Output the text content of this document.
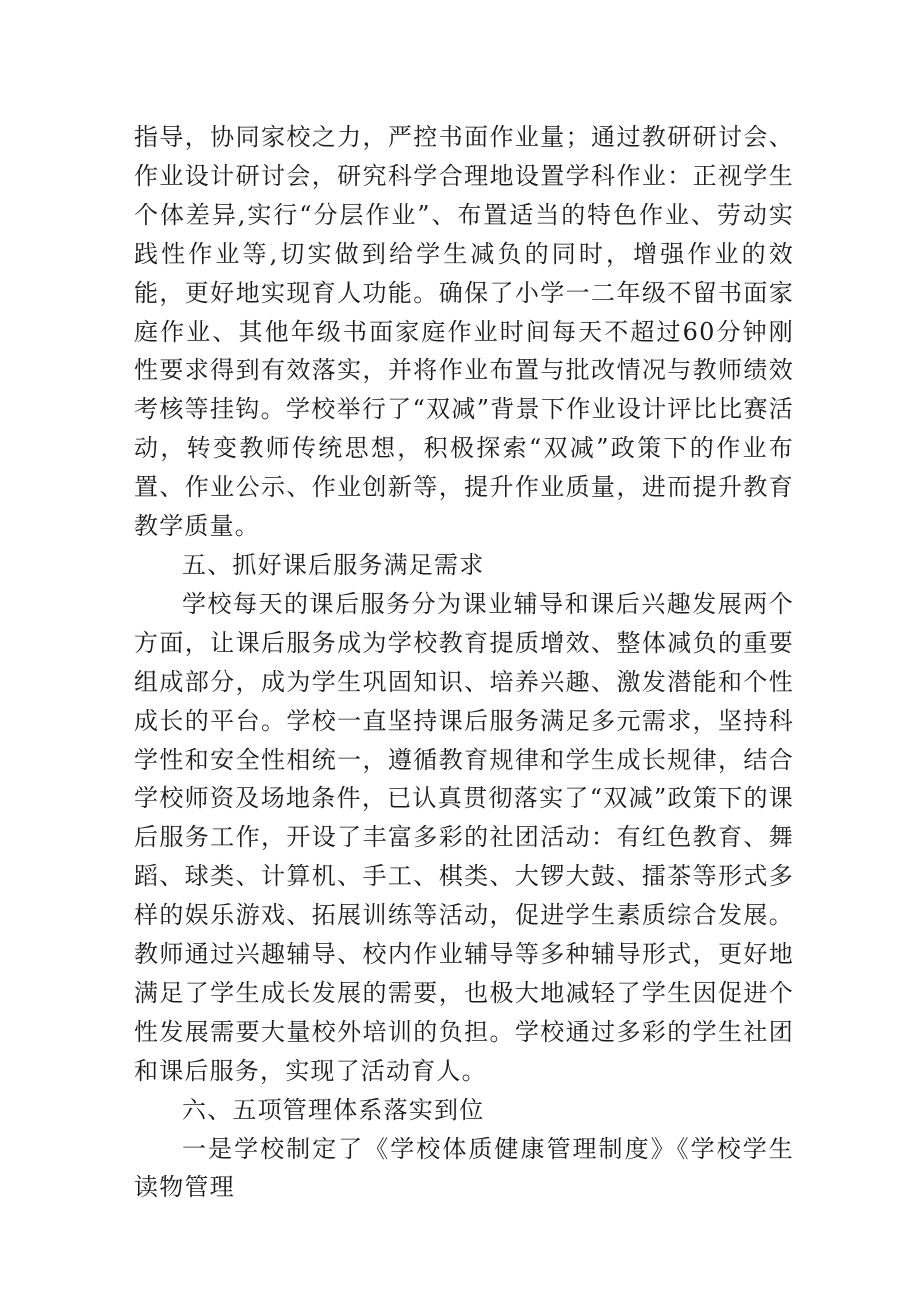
指导，协同家校之力，严控书面作业量；通过教研研讨会、作业设计研讨会，研究科学合理地设置学科作业：正视学生个体差异,实行“分层作业”、布置适当的特色作业、劳动实践性作业等,切实做到给学生减负的同时，增强作业的效能，更好地实现育人功能。确保了小学一二年级不留书面家庭作业、其他年级书面家庭作业时间每天不超过60分钟刚性要求得到有效落实，并将作业布置与批改情况与教师绩效考核等挂钩。学校举行了“双减”背景下作业设计评比比赛活动，转变教师传统思想，积极探索“双减”政策下的作业布置、作业公示、作业创新等，提升作业质量，进而提升教育教学质量。

五、抓好课后服务满足需求

学校每天的课后服务分为课业辅导和课后兴趣发展两个方面，让课后服务成为学校教育提质增效、整体减负的重要组成部分，成为学生巩固知识、培养兴趣、激发潜能和个性成长的平台。学校一直坚持课后服务满足多元需求，坚持科学性和安全性相统一，遵循教育规律和学生成长规律，结合学校师资及场地条件，已认真贯彻落实了“双减”政策下的课后服务工作，开设了丰富多彩的社团活动：有红色教育、舞蹈、球类、计算机、手工、棋类、大锣大鼓、擂茶等形式多样的娱乐游戏、拓展训练等活动，促进学生素质综合发展。教师通过兴趣辅导、校内作业辅导等多种辅导形式，更好地满足了学生成长发展的需要，也极大地减轻了学生因促进个性发展需要大量校外培训的负担。学校通过多彩的学生社团和课后服务，实现了活动育人。

六、五项管理体系落实到位

一是学校制定了《学校体质健康管理制度》《学校学生读物管理
